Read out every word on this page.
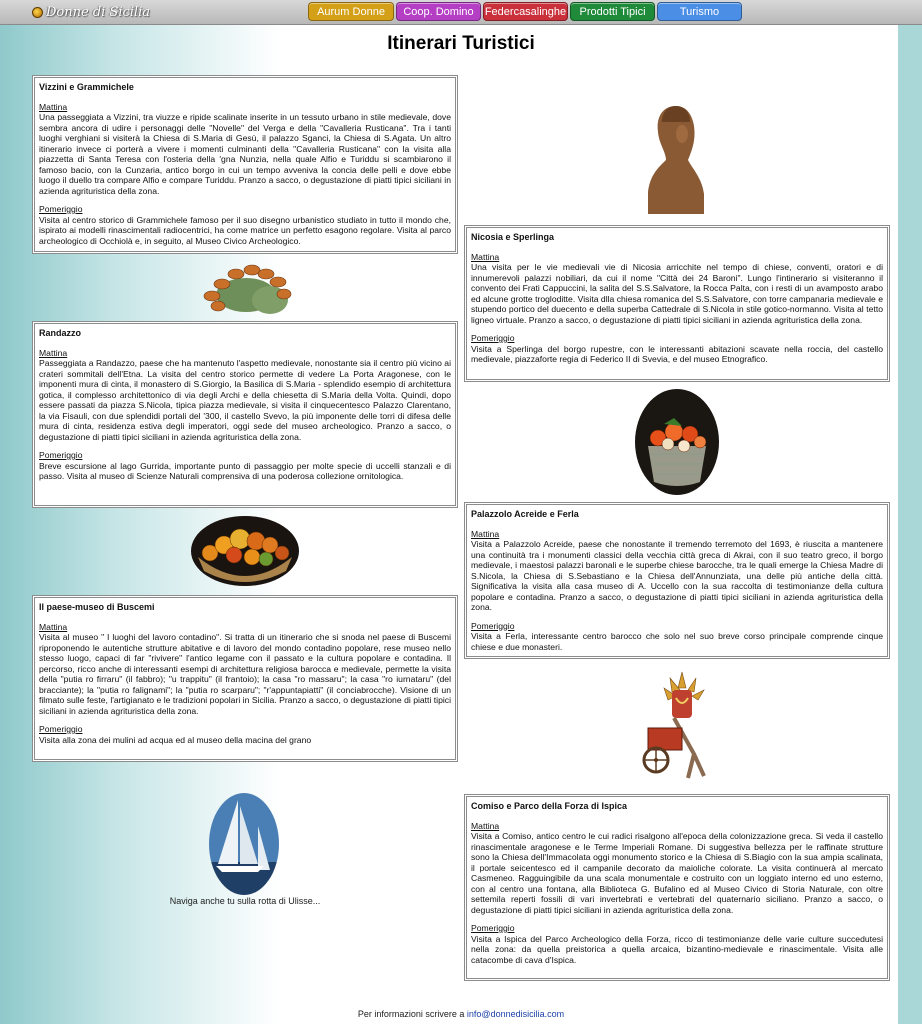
Donne di Sicilia	Aurum Donne	Coop. Domino	Federcasalinghe	Prodotti Tipici	Turismo
Itinerari Turistici
Vizzini e Grammichele

Mattina
Una passeggiata a Vizzini, tra viuzze e ripide scalinate inserite in un tessuto urbano in stile medievale, dove sembra ancora di udire i personaggi delle "Novelle" del Verga e della "Cavalleria Rusticana". Tra i tanti luoghi verghiani si visiterà la Chiesa di S.Maria di Gesù, il palazzo Sganci, la Chiesa di S.Agata. Un altro itinerario invece ci porterà a vivere i momenti culminanti della "Cavalleria Rusticana" con la visita alla piazzetta di Santa Teresa con l'osteria della 'gna Nunzia, nella quale Alfio e Turiddu si scambiarono il famoso bacio, con la Cunzaria, antico borgo in cui un tempo avveniva la concia delle pelli e dove ebbe luogo il duello tra compare Alfio e compare Turiddu. Pranzo a sacco, o degustazione di piatti tipici siciliani in azienda agrituristica della zona.

Pomeriggio
Visita al centro storico di Grammichele famoso per il suo disegno urbanistico studiato in tutto il mondo che, ispirato ai modelli rinascimentali radiocentrici, ha come matrice un perfetto esagono regolare. Visita al parco archeologico di Occhiolà e, in seguito, al Museo Civico Archeologico.

Randazzo

Mattina
Passeggiata a Randazzo, paese che ha mantenuto l'aspetto medievale, nonostante sia il centro più vicino ai crateri sommitali dell'Etna. La visita del centro storico permette di vedere La Porta Aragonese, con le imponenti mura di cinta, il monastero di S.Giorgio, la Basilica di S.Maria - splendido esempio di architettura gotica, il complesso architettonico di via degli Archi e della chiesetta di S.Maria della Volta. Quindi, dopo essere passati da piazza S.Nicola, tipica piazza medievale, si visita il cinquecentesco Palazzo Clarentano, la via Fisauli, con due splendidi portali del '300, il castello Svevo, la più imponente delle torri di difesa delle mura di cinta, residenza estiva degli imperatori, oggi sede del museo archeologico. Pranzo a sacco, o degustazione di piatti tipici siciliani in azienda agrituristica della zona.

Pomeriggio
Breve escursione al lago Gurrida, importante punto di passaggio per molte specie di uccelli stanzali e di passo. Visita al museo di Scienze Naturali comprensiva di una poderosa collezione ornitologica.

Il paese-museo di Buscemi

Mattina
Visita al museo " I luoghi del lavoro contadino". Si tratta di un itinerario che si snoda nel paese di Buscemi riproponendo le autentiche strutture abitative e di lavoro del mondo contadino popolare, rese museo nello stesso luogo, capaci di far "rivivere" l'antico legame con il passato e la cultura popolare e contadina. Il percorso, ricco anche di interessanti esempi di architettura religiosa barocca e medievale, permette la visita della "putia ro firraru" (il fabbro); "u trappitu" (il frantoio); la casa "ro massaru"; la casa "ro iurnataru" (del bracciante); la "putia ro falignami"; la "putia ro scarparu"; "r'appuntapiatti" (il conciabrocche). Visione di un filmato sulle feste, l'artigianato e le tradizioni popolari in Sicilia. Pranzo a sacco, o degustazione di piatti tipici siciliani in azienda agrituristica della zona.

Pomeriggio
Visita alla zona dei mulini ad acqua ed al museo della macina del grano

Naviga anche tu sulla rotta di Ulisse...
Nicosia e Sperlinga

Mattina
Una visita per le vie medievali vie di Nicosia arricchite nel tempo di chiese, conventi, oratori e di innumerevoli palazzi nobiliari, da cui il nome "Città dei 24 Baroni". Lungo l'intinerario si visiteranno il convento dei Frati Cappuccini, la salita del S.S.Salvatore, la Rocca Palta, con i resti di un avamposto arabo ed alcune grotte trogloditte. Visita dlla chiesa romanica del S.S.Salvatore, con torre campanaria medievale e stupendo portico del duecento e della superba Cattedrale di S.Nicola in stile gotico-normanno. Visita al tetto ligneo virtuale. Pranzo a sacco, o degustazione di piatti tipici siciliani in azienda agrituristica della zona.

Pomeriggio
Visita a Sperlinga del borgo rupestre, con le interessanti abitazioni scavate nella roccia, del castello medievale, piazzaforte regia di Federico II di Svevia, e del museo Etnografico.

Palazzolo Acreide e Ferla

Mattina
Visita a Palazzolo Acreide, paese che nonostante il tremendo terremoto del 1693, è riuscita a mantenere una continuità tra i monumenti classici della vecchia città greca di Akrai, con il suo teatro greco, il borgo medievale, i maestosi palazzi baronali e le superbe chiese barocche, tra le quali emerge la Chiesa Madre di S.Nicola, la Chiesa di S.Sebastiano e la Chiesa dell'Annunziata, una delle più antiche della città. Significativa la visita alla casa museo di A. Uccello con la sua raccolta di testimonianze della cultura popolare e contadina. Pranzo a sacco, o degustazione di piatti tipici siciliani in azienda agrituristica della zona.

Pomeriggio
Visita a Ferla, interessante centro barocco che solo nel suo breve corso principale comprende cinque chiese e due monasteri.

Comiso e Parco della Forza di Ispica

Mattina
Visita a Comiso, antico centro le cui radici risalgono all'epoca della colonizzazione greca. Si veda il castello rinascimentale aragonese e le Terme Imperiali Romane. Di suggestiva bellezza per le raffinate strutture sono la Chiesa dell'Immacolata oggi monumento storico e la Chiesa di S.Biagio con la sua ampia scalinata, il portale seicentesco ed il campanile decorato da maioliche colorate. La visita continuerà al mercato Casmeneo. Ragguingibile da una scala monumentale e costruito con un loggiato interno ed uno esterno, con al centro una fontana, alla Biblioteca G. Bufalino ed al Museo Civico di Storia Naturale, con oltre settemila reperti fossili di vari invertebrati e vertebrati del quaternario siciliano. Pranzo a sacco, o degustazione di piatti tipici siciliani in azienda agrituristica della zona.

Pomeriggio
Visita a Ispica del Parco Archeologico della Forza, ricco di testimonianze delle varie culture succedutesi nella zona: da quella preistorica a quella arcaica, bizantino-medievale e rinascimentale. Visita alle catacombe di cava d'Ispica.

Per informazioni scrivere a info@donnedisicilia.com
